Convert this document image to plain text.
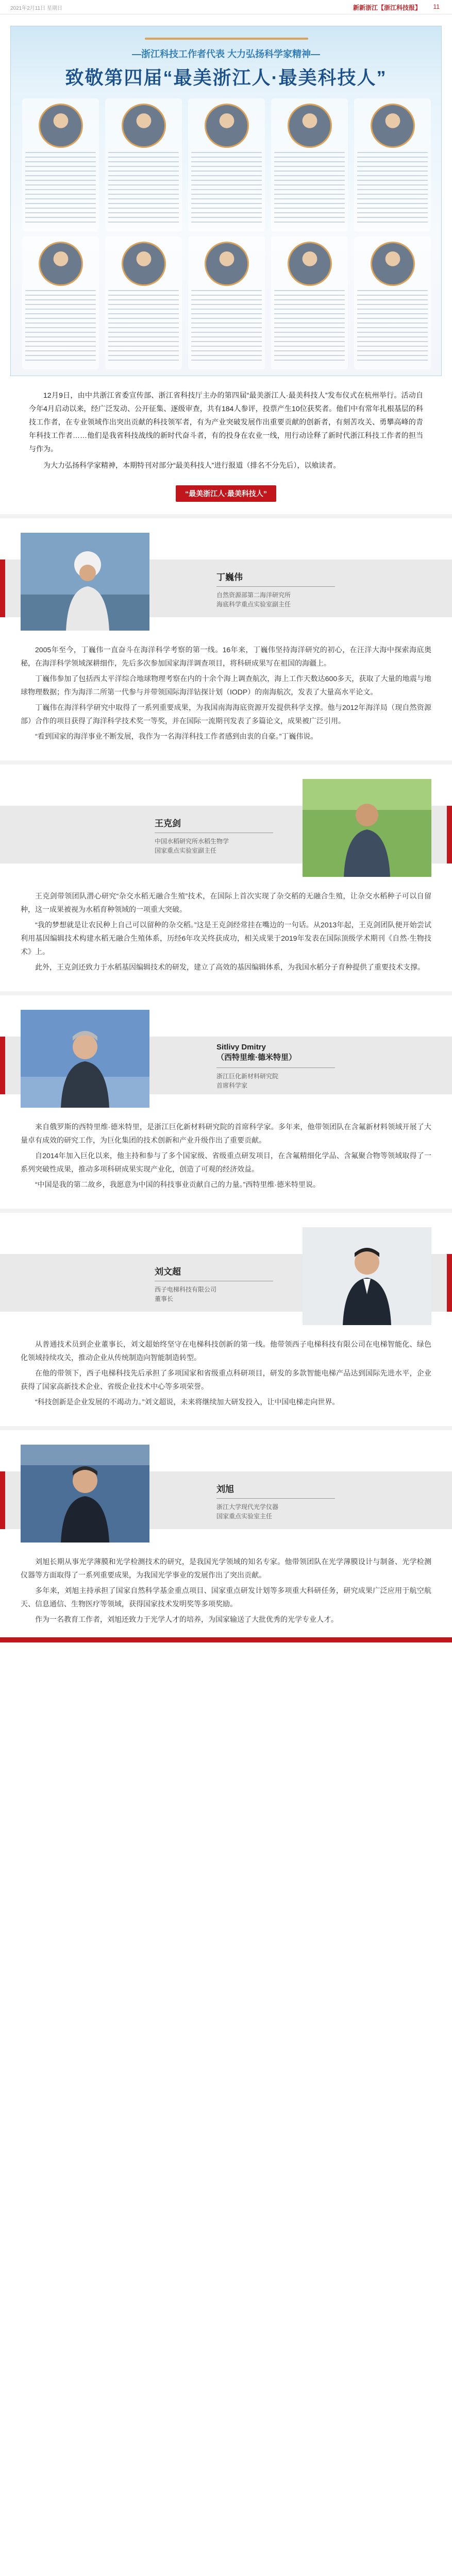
2021年2月11日 星期日	新新浙江【浙江科技报】 11
—浙江科技工作者代表 大力弘扬科学家精神—
致敬第四届“最美浙江人·最美科技人”

12月9日，由中共浙江省委宣传部、浙江省科技厅主办的第四届“最美浙江人·最美科技人”发布仪式在杭州举行。活动自今年4月启动以来，经广泛发动、公开征集、逐级审查，共有184人参评，投票产生10位获奖者。他们中有常年扎根基层的科技工作者，在专业领域作出突出贡献的科技领军者，有为产业突破发展作出重要贡献的创新者，有刻苦攻关、勇攀高峰的青年科技工作者……他们是我省科技战线的新时代奋斗者，有的投身在农业一线，用行动诠释了新时代浙江科技工作者的担当与作为。

为大力弘扬科学家精神，本期特刊对部分“最美科技人”进行报道（排名不分先后），以飨读者。

“最美浙江人·最美科技人”
丁巍伟
自然资源部第二海洋研究所
海底科学重点实验室副主任

2005年至今，丁巍伟一直奋斗在海洋科学考察的第一线。16年来，丁巍伟坚持海洋研究的初心，在汪洋大海中探索海底奥秘，在海洋科学领域深耕细作，先后多次参加国家海洋调查项目，将科研成果写在祖国的海疆上。

丁巍伟参加了包括西太平洋综合地球物理考察在内的十余个海上调查航次，海上工作天数达600多天，获取了大量的地震与地球物理数据；作为海洋二所第一代参与并带领国际海洋钻探计划（IODP）的南海航次，发表了大量高水平论文。

丁巍伟在海洋科学研究中取得了一系列重要成果，为我国南海海底资源开发提供科学支撑。他与2012年海洋局（现自然资源部）合作的项目获得了海洋科学技术奖一等奖，并在国际一流期刊发表了多篇论文，成果被广泛引用。

“看到国家的海洋事业不断发展，我作为一名海洋科技工作者感到由衷的自豪。”丁巍伟说。

王克剑
中国水稻研究所水稻生物学
国家重点实验室副主任

王克剑带领团队潜心研究“杂交水稻无融合生殖”技术，在国际上首次实现了杂交稻的无融合生殖，让杂交水稻种子可以自留种，这一成果被视为水稻育种领域的一项重大突破。

“我的梦想就是让农民种上自己可以留种的杂交稻。”这是王克剑经常挂在嘴边的一句话。从2013年起，王克剑团队便开始尝试利用基因编辑技术构建水稻无融合生殖体系，历经6年攻关终获成功，相关成果于2019年发表在国际顶级学术期刊《自然·生物技术》上。

此外，王克剑还致力于水稻基因编辑技术的研发，建立了高效的基因编辑体系，为我国水稻分子育种提供了重要技术支撑。

Sitlivy Dmitry
（西特里维·德米特里）
浙江巨化新材料研究院
首席科学家

来自俄罗斯的西特里维·德米特里，是浙江巨化新材料研究院的首席科学家。多年来，他带领团队在含氟新材料领域开展了大量卓有成效的研究工作，为巨化集团的技术创新和产业升级作出了重要贡献。

自2014年加入巨化以来，他主持和参与了多个国家级、省级重点研发项目，在含氟精细化学品、含氟聚合物等领域取得了一系列突破性成果，推动多项科研成果实现产业化，创造了可观的经济效益。

“中国是我的第二故乡，我愿意为中国的科技事业贡献自己的力量。”西特里维·德米特里说。

刘文超
西子电梯科技有限公司
董事长

从普通技术员到企业董事长，刘文超始终坚守在电梯科技创新的第一线。他带领西子电梯科技有限公司在电梯智能化、绿色化领域持续攻关，推动企业从传统制造向智能制造转型。

在他的带领下，西子电梯科技先后承担了多项国家和省级重点科研项目，研发的多款智能电梯产品达到国际先进水平，企业获得了国家高新技术企业、省级企业技术中心等多项荣誉。

“科技创新是企业发展的不竭动力。”刘文超说，未来将继续加大研发投入，让中国电梯走向世界。

刘旭
浙江大学现代光学仪器
国家重点实验室主任

刘旭长期从事光学薄膜和光学检测技术的研究，是我国光学领域的知名专家。他带领团队在光学薄膜设计与制备、光学检测仪器等方面取得了一系列重要成果，为我国光学事业的发展作出了突出贡献。

多年来，刘旭主持承担了国家自然科学基金重点项目、国家重点研发计划等多项重大科研任务，研究成果广泛应用于航空航天、信息通信、生物医疗等领域，获得国家技术发明奖等多项奖励。

作为一名教育工作者，刘旭还致力于光学人才的培养，为国家输送了大批优秀的光学专业人才。
